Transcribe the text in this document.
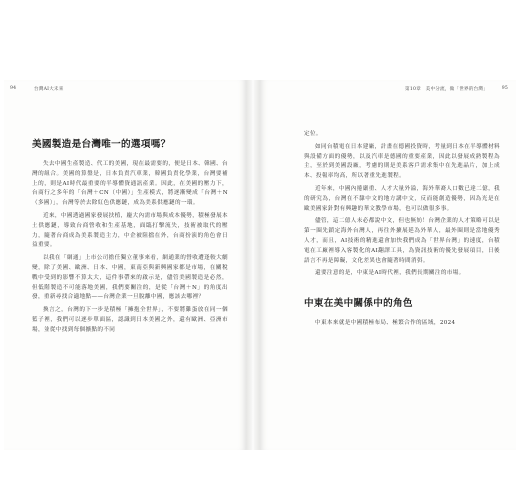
94	台灣AI大未來
美國製造是台灣唯一的選項嗎？

失去中國生產製造、代工的美國，現在最需要的，便是日本、韓國、台灣的組合。美國的算盤是，日本負責汽車業，韓國負責化學業，台灣要補上的，則是AI時代最重要的半導體資通訊產業。因此，在美國的壓力下，台商行之多年的「台灣＋CN（中國）」生產模式，將逐漸變成「台灣＋N（多國）」，台灣等於去除紅色供應鏈，成為美系供應鏈的一環。

近來，中國透過國家發展扶植，龐大內需市場與成本優勢，積極發展本土供應鏈，導致台商營收和生產基地，面臨打擊流失，技術被取代的壓力，隨著台商成為美系製造主力，中企被阻擋在外，台商扮演的角色會日益重要。

以我在「網通」上市公司擔任獨立董事來看，網通業的營收遭逢較大劇變，除了美國、歐洲、日本、中國，東南亞與新興國家都是市場，在關稅戰中受到的影響不算太大，這件事帶來的啟示是，儘管美國製造是必然，但低階製造不可能落地美國，我們要關注的，是從「台灣＋N」的角度出發，重新尋找合適地點——台灣企業一旦脫離中國，應該去哪裡？

換言之，台灣的下一步是積極「擁抱全世界」，不要將雞蛋放在同一個籃子裡，我們可以逐步單面區，認識到日本美國之外，還有歐洲、亞洲市場，並從中找到每個擴點的不同

第10章　美中分流，做「世界的台灣」	95

定位。

如同台積電在日本建廠，計畫在德國投資時，考量到日本在半導體材料與設備方面的優勢，以及汽車是德國的重要產業，因此以發展成熟製程為主，至於到美國設廠，考慮的則是美系客戶需求集中在先進晶片，加上成本、投報率均高，所以著重先進製程。

近年來，中國內捲嚴重、人才大量外溢，海外華裔人口數已達二億，我的研究為，台灣在不隸中文的地方講中文，反而能創造優勢，因為光是在歐美國家針對有興趣的華文教學市場，也可以做很多事。

儘管，這二億人未必都說中文，但也無妨！台灣企業的人才策略可以是第一圈先鎖定海外台灣人，再往外擴展延為外華人，最外圈則是當地優秀人才，而且，AI技術的精進還會加快我們成為「世界台灣」的速度，台積電在工廠裡導入客製化的AI翻譯工具，為資訊技術的優先發展項目，日後語言不再是障礙，文化差異也會隨著時間消弭。

還要注意的是，中東是AI時代裡，我們長期關注的市場。

中東在美中關係中的角色

中東本來就是中國積極布局、極繁合作的區域，2024
